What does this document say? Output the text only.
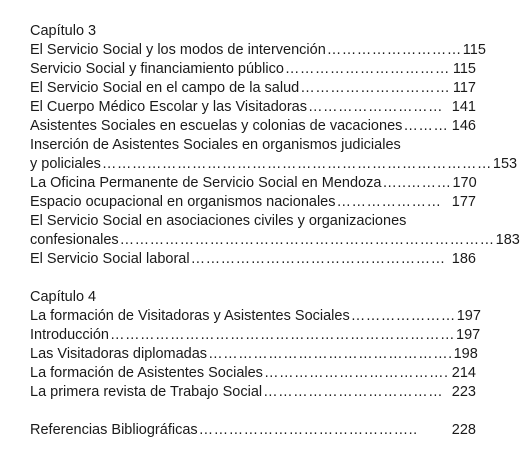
Capítulo 3
El Servicio Social y los modos de intervención ……………………… 115
Servicio Social y financiamiento público …………………………… 115
El Servicio Social en el campo de la salud ………………………… 117
El Cuerpo Médico Escolar y las Visitadoras ……………………… 141
Asistentes Sociales en escuelas y colonias de vacaciones ……… 146
Inserción de Asistentes Sociales en organismos judiciales
y policiales …………………………………………………………………… 153
La Oficina Permanente de Servicio Social en Mendoza …..……… 170
Espacio ocupacional en organismos nacionales ………………… 177
El Servicio Social en asociaciones civiles y organizaciones
confesionales ………………………………………………………………… 183
El Servicio Social laboral …………………………………………… 186
Capítulo 4
La formación de Visitadoras y Asistentes Sociales ………………… 197
Introducción …………………………………………………………… 197
Las Visitadoras diplomadas …………………………………………. 198
La formación de Asistentes Sociales ………………………………. 214
La primera revista de Trabajo Social ……………………………… 223
Referencias Bibliográficas ……………………………………..	228
